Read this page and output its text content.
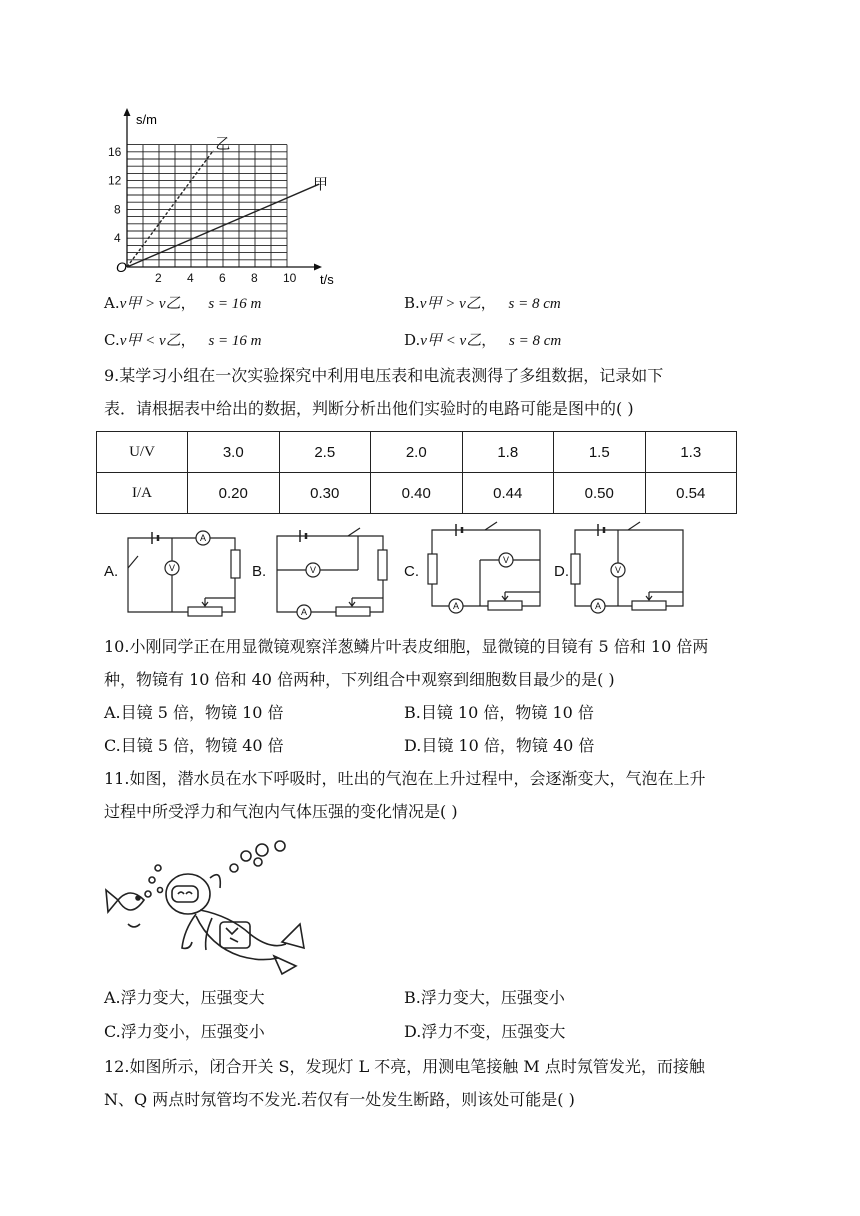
乙
甲
2 4 6 8 10
4
8
12
16
s/m
t/s
O
A.v甲 > v乙， s = 16 m	B.v甲 > v乙， s = 8 cm
C.v甲 < v乙， s = 16 m	D.v甲 < v乙， s = 8 cm
9.某学习小组在一次实验探究中利用电压表和电流表测得了多组数据，记录如下
表．请根据表中给出的数据，判断分析出他们实验时的电路可能是图中的( )
U/V	3.0	2.5	2.0	1.8	1.5	1.3
I/A	0.20	0.30	0.40	0.44	0.50	0.54
A.
A
V	B.	V
A
C.
V
A
D.	V
A
10.小刚同学正在用显微镜观察洋葱鳞片叶表皮细胞，显微镜的目镜有 5 倍和 10 倍两
种，物镜有 10 倍和 40 倍两种，下列组合中观察到细胞数目最少的是( )
A.目镜 5 倍，物镜 10 倍	B.目镜 10 倍，物镜 10 倍
C.目镜 5 倍，物镜 40 倍	D.目镜 10 倍，物镜 40 倍
11.如图，潜水员在水下呼吸时，吐出的气泡在上升过程中，会逐渐变大，气泡在上升
过程中所受浮力和气泡内气体压强的变化情况是( )
A.浮力变大，压强变大	B.浮力变大，压强变小
C.浮力变小，压强变小	D.浮力不变，压强变大
12.如图所示，闭合开关 S，发现灯 L 不亮，用测电笔接触 M 点时氖管发光，而接触
N、Q 两点时氖管均不发光.若仅有一处发生断路，则该处可能是( )
